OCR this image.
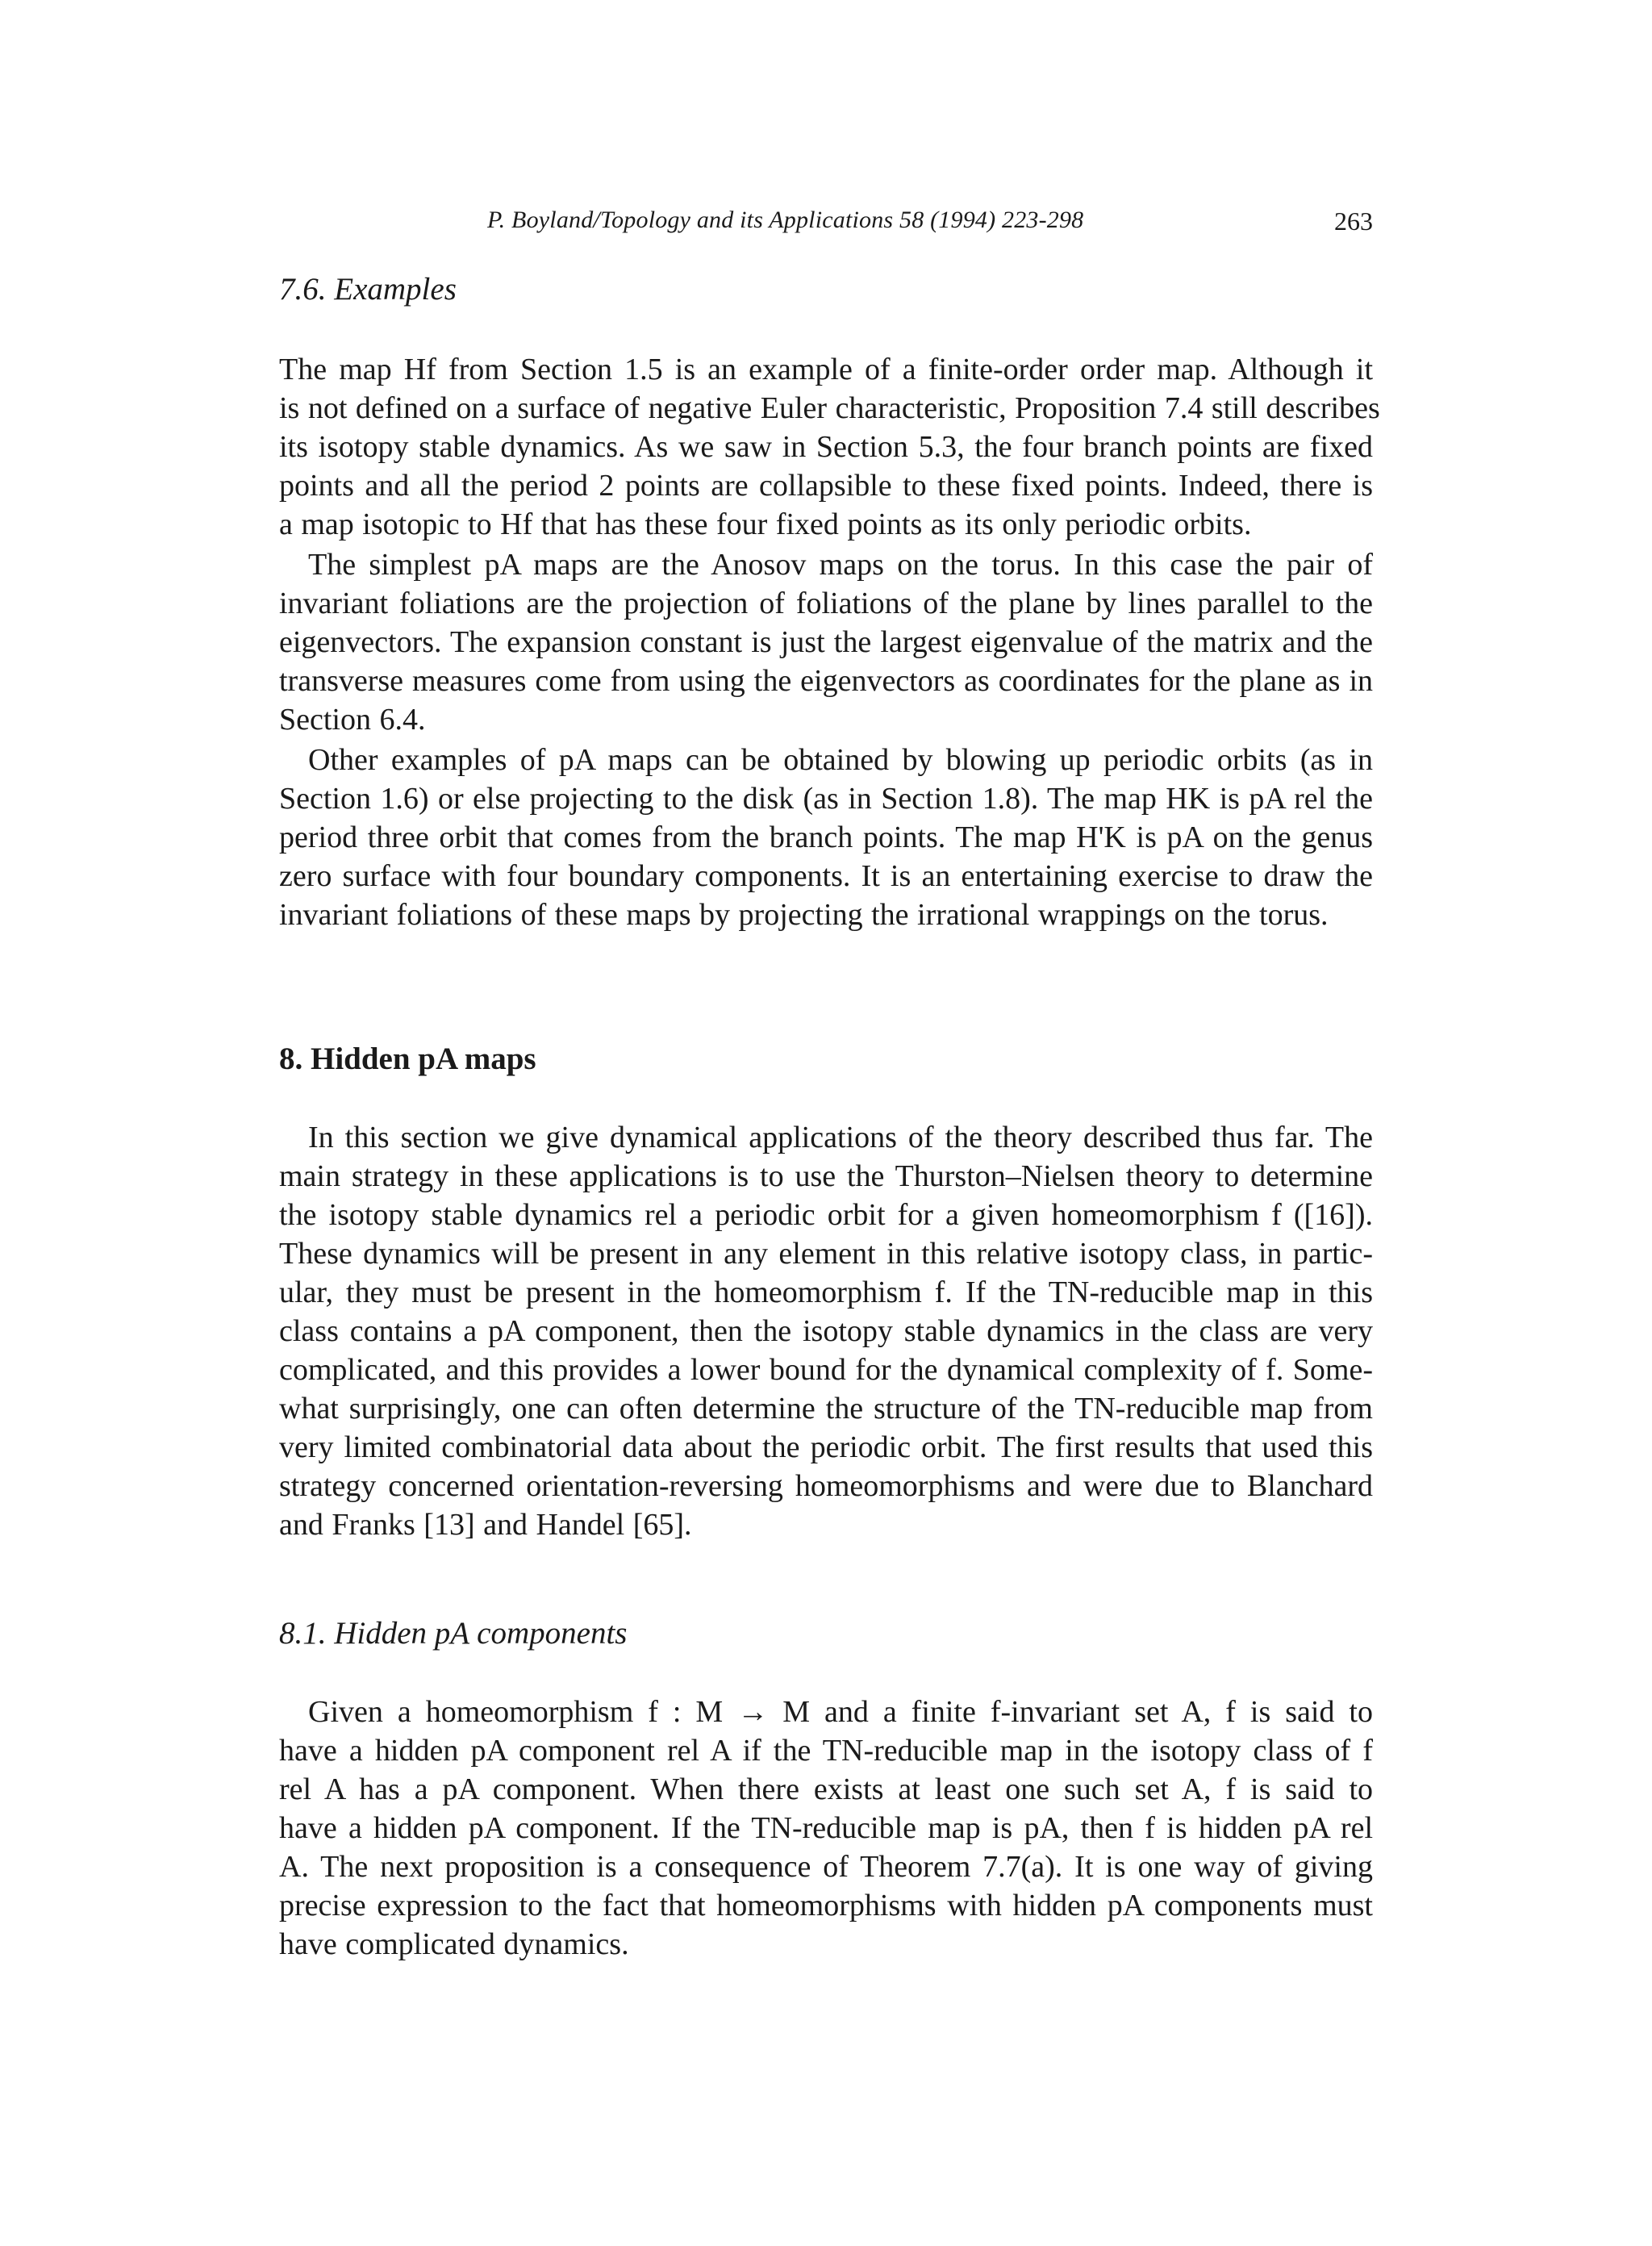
P. Boyland/Topology and its Applications 58 (1994) 223-298	263
7.6. Examples
The map Hf from Section 1.5 is an example of a finite-order order map. Although it
is not defined on a surface of negative Euler characteristic, Proposition 7.4 still describes
its isotopy stable dynamics. As we saw in Section 5.3, the four branch points are fixed
points and all the period 2 points are collapsible to these fixed points. Indeed, there is
a map isotopic to Hf that has these four fixed points as its only periodic orbits.
The simplest pA maps are the Anosov maps on the torus. In this case the pair of
invariant foliations are the projection of foliations of the plane by lines parallel to the
eigenvectors. The expansion constant is just the largest eigenvalue of the matrix and the
transverse measures come from using the eigenvectors as coordinates for the plane as in
Section 6.4.
Other examples of pA maps can be obtained by blowing up periodic orbits (as in
Section 1.6) or else projecting to the disk (as in Section 1.8). The map HK is pA rel the
period three orbit that comes from the branch points. The map H'K is pA on the genus
zero surface with four boundary components. It is an entertaining exercise to draw the
invariant foliations of these maps by projecting the irrational wrappings on the torus.
8. Hidden pA maps
In this section we give dynamical applications of the theory described thus far. The
main strategy in these applications is to use the Thurston–Nielsen theory to determine
the isotopy stable dynamics rel a periodic orbit for a given homeomorphism f ([16]).
These dynamics will be present in any element in this relative isotopy class, in partic-
ular, they must be present in the homeomorphism f. If the TN-reducible map in this
class contains a pA component, then the isotopy stable dynamics in the class are very
complicated, and this provides a lower bound for the dynamical complexity of f. Some-
what surprisingly, one can often determine the structure of the TN-reducible map from
very limited combinatorial data about the periodic orbit. The first results that used this
strategy concerned orientation-reversing homeomorphisms and were due to Blanchard
and Franks [13] and Handel [65].
8.1. Hidden pA components
Given a homeomorphism f : M → M and a finite f-invariant set A, f is said to
have a hidden pA component rel A if the TN-reducible map in the isotopy class of f
rel A has a pA component. When there exists at least one such set A, f is said to
have a hidden pA component. If the TN-reducible map is pA, then f is hidden pA rel
A. The next proposition is a consequence of Theorem 7.7(a). It is one way of giving
precise expression to the fact that homeomorphisms with hidden pA components must
have complicated dynamics.
